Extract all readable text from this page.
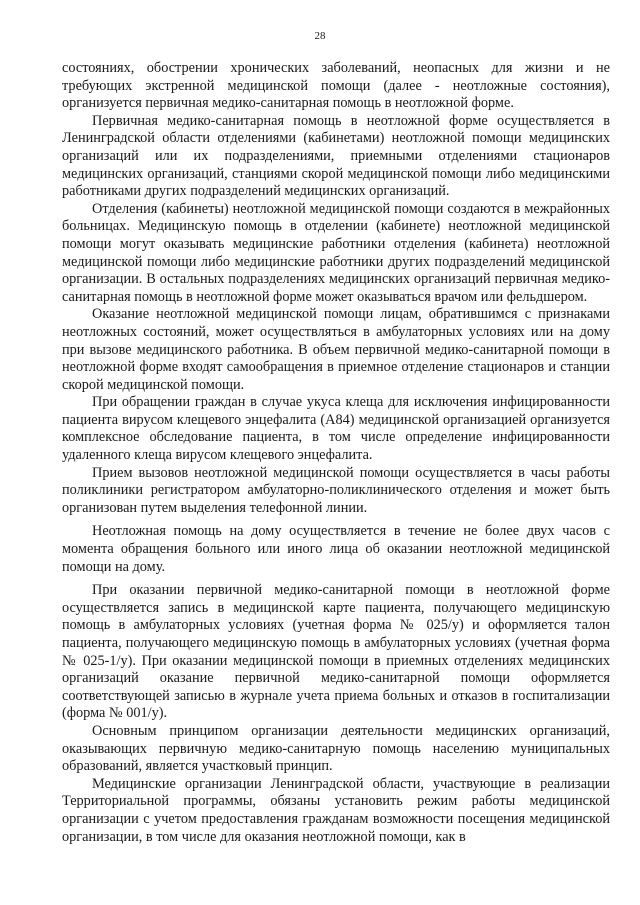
28

состояниях, обострении хронических заболеваний, неопасных для жизни и не требующих экстренной медицинской помощи (далее - неотложные состояния), организуется первичная медико-санитарная помощь в неотложной форме.

Первичная медико-санитарная помощь в неотложной форме осуществляется в Ленинградской области отделениями (кабинетами) неотложной помощи медицинских организаций или их подразделениями, приемными отделениями стационаров медицинских организаций, станциями скорой медицинской помощи либо медицинскими работниками других подразделений медицинских организаций.

Отделения (кабинеты) неотложной медицинской помощи создаются в межрайонных больницах. Медицинскую помощь в отделении (кабинете) неотложной медицинской помощи могут оказывать медицинские работники отделения (кабинета) неотложной медицинской помощи либо медицинские работники других подразделений медицинской организации. В остальных подразделениях медицинских организаций первичная медико-санитарная помощь в неотложной форме может оказываться врачом или фельдшером.

Оказание неотложной медицинской помощи лицам, обратившимся с признаками неотложных состояний, может осуществляться в амбулаторных условиях или на дому при вызове медицинского работника. В объем первичной медико-санитарной помощи в неотложной форме входят самообращения в приемное отделение стационаров и станции скорой медицинской помощи.

При обращении граждан в случае укуса клеща для исключения инфицированности пациента вирусом клещевого энцефалита (А84) медицинской организацией организуется комплексное обследование пациента, в том числе определение инфицированности удаленного клеща вирусом клещевого энцефалита.

Прием вызовов неотложной медицинской помощи осуществляется в часы работы поликлиники регистратором амбулаторно-поликлинического отделения и может быть организован путем выделения телефонной линии.

Неотложная помощь на дому осуществляется в течение не более двух часов с момента обращения больного или иного лица об оказании неотложной медицинской помощи на дому.

При оказании первичной медико-санитарной помощи в неотложной форме осуществляется запись в медицинской карте пациента, получающего медицинскую помощь в амбулаторных условиях (учетная форма № 025/у) и оформляется талон пациента, получающего медицинскую помощь в амбулаторных условиях (учетная форма № 025-1/у). При оказании медицинской помощи в приемных отделениях медицинских организаций оказание первичной медико-санитарной помощи оформляется соответствующей записью в журнале учета приема больных и отказов в госпитализации (форма № 001/у).

Основным принципом организации деятельности медицинских организаций, оказывающих первичную медико-санитарную помощь населению муниципальных образований, является участковый принцип.

Медицинские организации Ленинградской области, участвующие в реализации Территориальной программы, обязаны установить режим работы медицинской организации с учетом предоставления гражданам возможности посещения медицинской организации, в том числе для оказания неотложной помощи, как в
